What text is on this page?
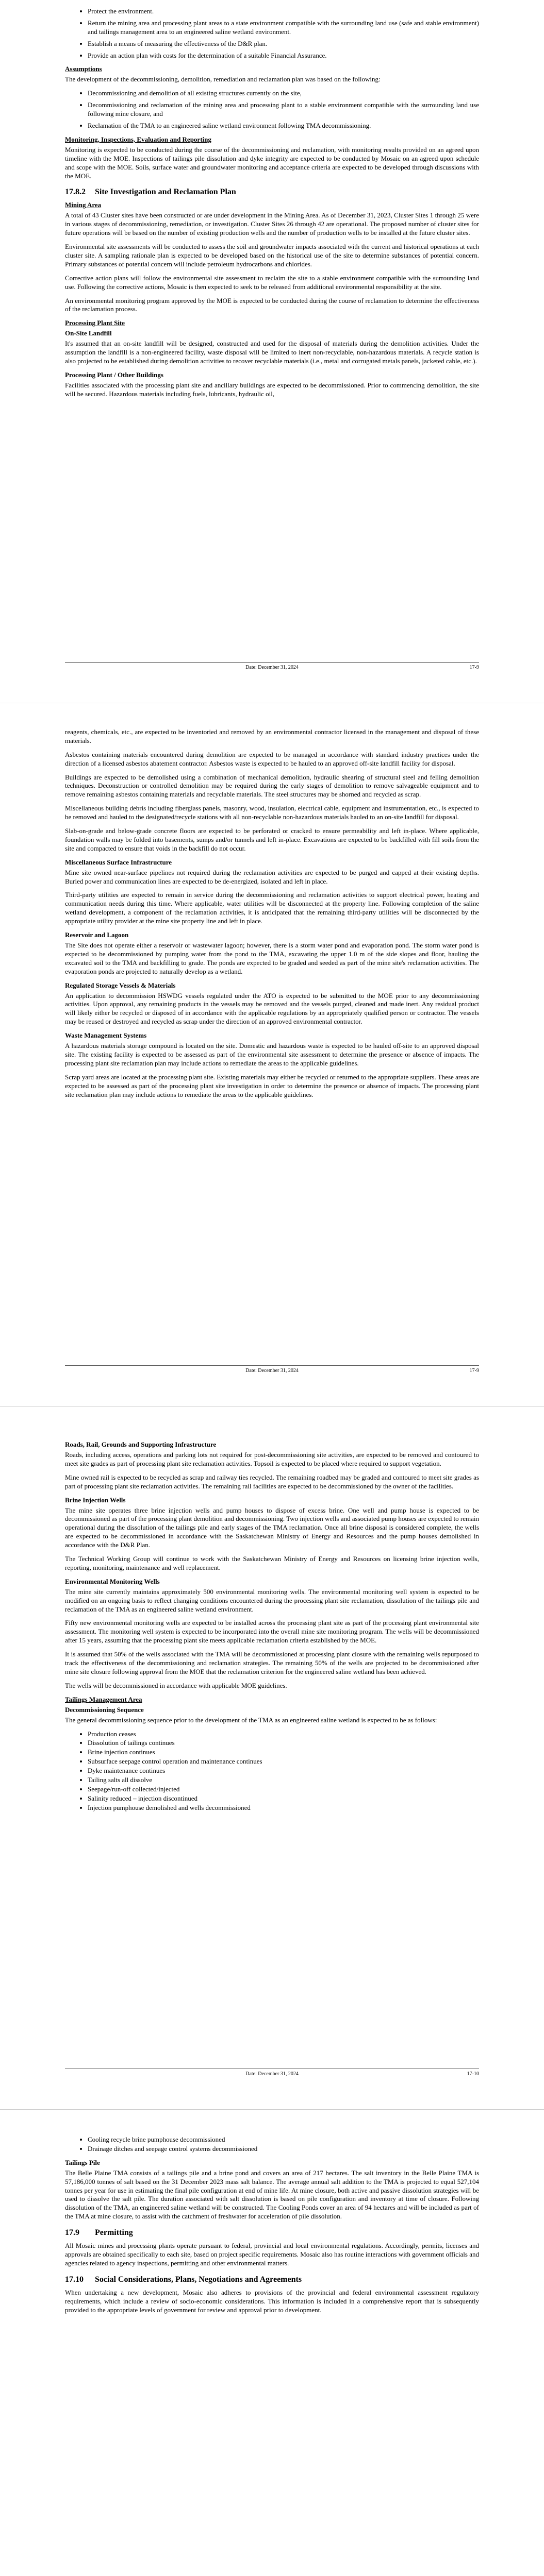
• Protect the environment.
• Return the mining area and processing plant areas to a state environment compatible with the surrounding land use (safe and stable environment) and tailings management area to an engineered saline wetland environment.
• Establish a means of measuring the effectiveness of the D&R plan.
• Provide an action plan with costs for the determination of a suitable Financial Assurance.
Assumptions

The development of the decommissioning, demolition, remediation and reclamation plan was based on the following:

• Decommissioning and demolition of all existing structures currently on the site,
• Decommissioning and reclamation of the mining area and processing plant to a stable environment compatible with the surrounding land use following mine closure, and
• Reclamation of the TMA to an engineered saline wetland environment following TMA decommissioning.
Monitoring, Inspections, Evaluation and Reporting

Monitoring is expected to be conducted during the course of the decommissioning and reclamation, with monitoring results provided on an agreed upon timeline with the MOE. Inspections of tailings pile dissolution and dyke integrity are expected to be conducted by Mosaic on an agreed upon schedule and scope with the MOE. Soils, surface water and groundwater monitoring and acceptance criteria are expected to be developed through discussions with the MOE.

17.8.2 Site Investigation and Reclamation Plan
Mining Area

A total of 43 Cluster sites have been constructed or are under development in the Mining Area. As of December 31, 2023, Cluster Sites 1 through 25 were in various stages of decommissioning, remediation, or investigation. Cluster Sites 26 through 42 are operational. The proposed number of cluster sites for future operations will be based on the number of existing production wells and the number of production wells to be installed at the future cluster sites.

Environmental site assessments will be conducted to assess the soil and groundwater impacts associated with the current and historical operations at each cluster site. A sampling rationale plan is expected to be developed based on the historical use of the site to determine substances of potential concern. Primary substances of potential concern will include petroleum hydrocarbons and chlorides.

Corrective action plans will follow the environmental site assessment to reclaim the site to a stable environment compatible with the surrounding land use. Following the corrective actions, Mosaic is then expected to seek to be released from additional environmental responsibility at the site.

An environmental monitoring program approved by the MOE is expected to be conducted during the course of reclamation to determine the effectiveness of the reclamation process.

Processing Plant Site
On-Site Landfill

It's assumed that an on-site landfill will be designed, constructed and used for the disposal of materials during the demolition activities. Under the assumption the landfill is a non-engineered facility, waste disposal will be limited to inert non-recyclable, non-hazardous materials. A recycle station is also projected to be established during demolition activities to recover recyclable materials (i.e., metal and corrugated metals panels, jacketed cable, etc.).

Processing Plant / Other Buildings

Facilities associated with the processing plant site and ancillary buildings are expected to be decommissioned. Prior to commencing demolition, the site will be secured. Hazardous materials including fuels, lubricants, hydraulic oil,

Date: December 31, 2024	17-9

reagents, chemicals, etc., are expected to be inventoried and removed by an environmental contractor licensed in the management and disposal of these materials.

Asbestos containing materials encountered during demolition are expected to be managed in accordance with standard industry practices under the direction of a licensed asbestos abatement contractor. Asbestos waste is expected to be hauled to an approved off-site landfill facility for disposal.

Buildings are expected to be demolished using a combination of mechanical demolition, hydraulic shearing of structural steel and felling demolition techniques. Deconstruction or controlled demolition may be required during the early stages of demolition to remove salvageable equipment and to remove remaining asbestos containing materials and recyclable materials. The steel structures may be shorned and recycled as scrap.

Miscellaneous building debris including fiberglass panels, masonry, wood, insulation, electrical cable, equipment and instrumentation, etc., is expected to be removed and hauled to the designated/recycle stations with all non-recyclable non-hazardous materials hauled to an on-site landfill for disposal.

Slab-on-grade and below-grade concrete floors are expected to be perforated or cracked to ensure permeability and left in-place. Where applicable, foundation walls may be folded into basements, sumps and/or tunnels and left in-place. Excavations are expected to be backfilled with fill soils from the site and compacted to ensure that voids in the backfill do not occur.

Miscellaneous Surface Infrastructure

Mine site owned near-surface pipelines not required during the reclamation activities are expected to be purged and capped at their existing depths. Buried power and communication lines are expected to be de-energized, isolated and left in place.

Third-party utilities are expected to remain in service during the decommissioning and reclamation activities to support electrical power, heating and communication needs during this time. Where applicable, water utilities will be disconnected at the property line. Following completion of the saline wetland development, a component of the reclamation activities, it is anticipated that the remaining third-party utilities will be disconnected by the appropriate utility provider at the mine site property line and left in place.

Reservoir and Lagoon

The Site does not operate either a reservoir or wastewater lagoon; however, there is a storm water pond and evaporation pond. The storm water pond is expected to be decommissioned by pumping water from the pond to the TMA, excavating the upper 1.0 m of the side slopes and floor, hauling the excavated soil to the TMA and backfilling to grade. The ponds are expected to be graded and seeded as part of the mine site's reclamation activities. The evaporation ponds are projected to naturally develop as a wetland.

Regulated Storage Vessels & Materials

An application to decommission HSWDG vessels regulated under the ATO is expected to be submitted to the MOE prior to any decommissioning activities. Upon approval, any remaining products in the vessels may be removed and the vessels purged, cleaned and made inert. Any residual product will likely either be recycled or disposed of in accordance with the applicable regulations by an appropriately qualified person or contractor. The vessels may be reused or destroyed and recycled as scrap under the direction of an approved environmental contractor.

Waste Management Systems

A hazardous materials storage compound is located on the site. Domestic and hazardous waste is expected to be hauled off-site to an approved disposal site. The existing facility is expected to be assessed as part of the environmental site assessment to determine the presence or absence of impacts. The processing plant site reclamation plan may include actions to remediate the areas to the applicable guidelines.

Scrap yard areas are located at the processing plant site. Existing materials may either be recycled or returned to the appropriate suppliers. These areas are expected to be assessed as part of the processing plant site investigation in order to determine the presence or absence of impacts. The processing plant site reclamation plan may include actions to remediate the areas to the applicable guidelines.

Date: December 31, 2024	17-9
Roads, Rail, Grounds and Supporting Infrastructure

Roads, including access, operations and parking lots not required for post-decommissioning site activities, are expected to be removed and contoured to meet site grades as part of processing plant site reclamation activities. Topsoil is expected to be placed where required to support vegetation.

Mine owned rail is expected to be recycled as scrap and railway ties recycled. The remaining roadbed may be graded and contoured to meet site grades as part of processing plant site reclamation activities. The remaining rail facilities are expected to be decommissioned by the owner of the facilities.

Brine Injection Wells

The mine site operates three brine injection wells and pump houses to dispose of excess brine. One well and pump house is expected to be decommissioned as part of the processing plant demolition and decommissioning. Two injection wells and associated pump houses are expected to remain operational during the dissolution of the tailings pile and early stages of the TMA reclamation. Once all brine disposal is considered complete, the wells are expected to be decommissioned in accordance with the Saskatchewan Ministry of Energy and Resources and the pump houses demolished in accordance with the D&R Plan.

The Technical Working Group will continue to work with the Saskatchewan Ministry of Energy and Resources on licensing brine injection wells, reporting, monitoring, maintenance and well replacement.

Environmental Monitoring Wells

The mine site currently maintains approximately 500 environmental monitoring wells. The environmental monitoring well system is expected to be modified on an ongoing basis to reflect changing conditions encountered during the processing plant site reclamation, dissolution of the tailings pile and reclamation of the TMA as an engineered saline wetland environment.

Fifty new environmental monitoring wells are expected to be installed across the processing plant site as part of the processing plant environmental site assessment. The monitoring well system is expected to be incorporated into the overall mine site monitoring program. The wells will be decommissioned after 15 years, assuming that the processing plant site meets applicable reclamation criteria established by the MOE.

It is assumed that 50% of the wells associated with the TMA will be decommissioned at processing plant closure with the remaining wells repurposed to track the effectiveness of the decommissioning and reclamation strategies. The remaining 50% of the wells are projected to be decommissioned after mine site closure following approval from the MOE that the reclamation criterion for the engineered saline wetland has been achieved.

The wells will be decommissioned in accordance with applicable MOE guidelines.

Tailings Management Area
Decommissioning Sequence

The general decommissioning sequence prior to the development of the TMA as an engineered saline wetland is expected to be as follows:

• Production ceases
• Dissolution of tailings continues
• Brine injection continues
• Subsurface seepage control operation and maintenance continues
• Dyke maintenance continues
• Tailing salts all dissolve
• Seepage/run-off collected/injected
• Salinity reduced – injection discontinued
• Injection pumphouse demolished and wells decommissioned
Date: December 31, 2024	17-10
• Cooling recycle brine pumphouse decommissioned
• Drainage ditches and seepage control systems decommissioned
Tailings Pile

The Belle Plaine TMA consists of a tailings pile and a brine pond and covers an area of 217 hectares. The salt inventory in the Belle Plaine TMA is 57,186,000 tonnes of salt based on the 31 December 2023 mass salt balance. The average annual salt addition to the TMA is projected to equal 527,104 tonnes per year for use in estimating the final pile configuration at end of mine life. At mine closure, both active and passive dissolution strategies will be used to dissolve the salt pile. The duration associated with salt dissolution is based on pile configuration and inventory at time of closure. Following dissolution of the TMA, an engineered saline wetland will be constructed. The Cooling Ponds cover an area of 94 hectares and will be included as part of the TMA at mine closure, to assist with the catchment of freshwater for acceleration of pile dissolution.

17.9 Permitting

All Mosaic mines and processing plants operate pursuant to federal, provincial and local environmental regulations. Accordingly, permits, licenses and approvals are obtained specifically to each site, based on project specific requirements. Mosaic also has routine interactions with government officials and agencies related to agency inspections, permitting and other environmental matters.

17.10 Social Considerations, Plans, Negotiations and Agreements

When undertaking a new development, Mosaic also adheres to provisions of the provincial and federal environmental assessment regulatory requirements, which include a review of socio-economic considerations. This information is included in a comprehensive report that is subsequently provided to the appropriate levels of government for review and approval prior to development.
